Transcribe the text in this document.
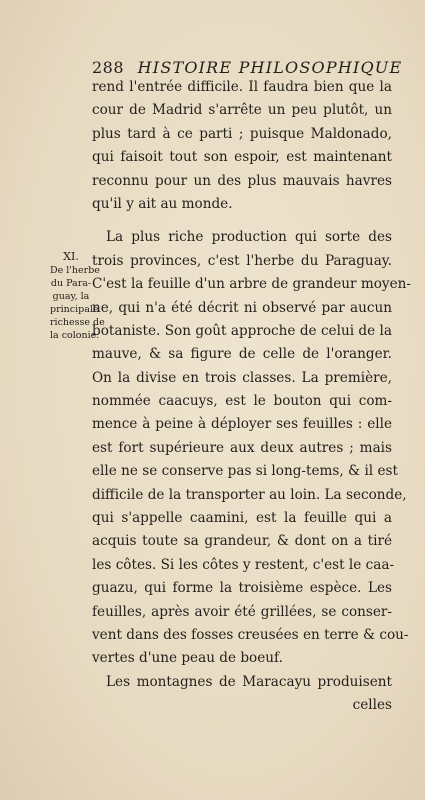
288 HISTOIRE PHILOSOPHIQUE
XI.
De l'herbe
du Para-
guay, la
principale
richesse de
la colonie.
rend l'entrée difficile. Il faudra bien que la
cour de Madrid s'arrête un peu plutôt, un
plus tard à ce parti ; puisque Maldonado,
qui faisoit tout son espoir, est maintenant
reconnu pour un des plus mauvais havres
qu'il y ait au monde.
La plus riche production qui sorte des
trois provinces, c'est l'herbe du Paraguay.
C'est la feuille d'un arbre de grandeur moyen-
ne, qui n'a été décrit ni observé par aucun
botaniste. Son goût approche de celui de la
mauve, & sa figure de celle de l'oranger.
On la divise en trois classes. La première,
nommée caacuys, est le bouton qui com-
mence à peine à déployer ses feuilles : elle
est fort supérieure aux deux autres ; mais
elle ne se conserve pas si long-tems, & il est
difficile de la transporter au loin. La seconde,
qui s'appelle caamini, est la feuille qui a
acquis toute sa grandeur, & dont on a tiré
les côtes. Si les côtes y restent, c'est le caa-
guazu, qui forme la troisième espèce. Les
feuilles, après avoir été grillées, se conser-
vent dans des fosses creusées en terre & cou-
vertes d'une peau de boeuf.
Les montagnes de Maracayu produisent
celles
